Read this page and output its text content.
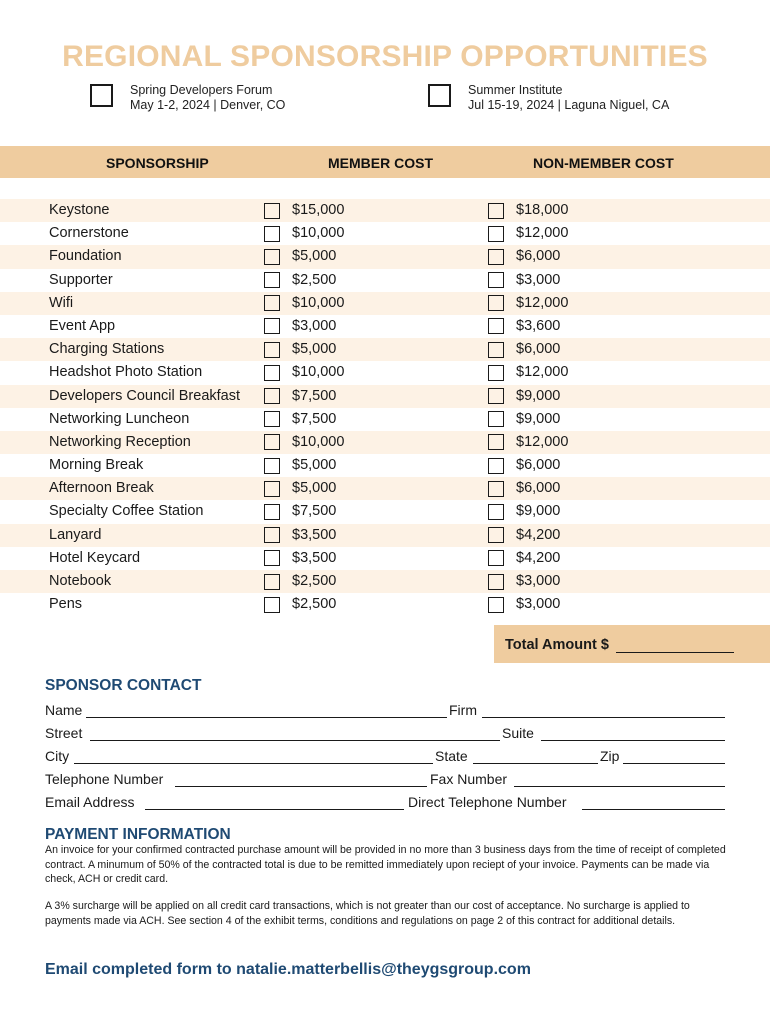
REGIONAL SPONSORSHIP OPPORTUNITIES
Spring Developers Forum
May 1-2, 2024 | Denver, CO
Summer Institute
Jul 15-19, 2024 | Laguna Niguel, CA
SPONSORSHIP	MEMBER COST	NON-MEMBER COST
Keystone	$15,000	$18,000
Cornerstone	$10,000	$12,000
Foundation	$5,000	$6,000
Supporter	$2,500	$3,000
Wifi	$10,000	$12,000
Event App	$3,000	$3,600
Charging Stations	$5,000	$6,000
Headshot Photo Station	$10,000	$12,000
Developers Council Breakfast	$7,500	$9,000
Networking Luncheon	$7,500	$9,000
Networking Reception	$10,000	$12,000
Morning Break	$5,000	$6,000
Afternoon Break	$5,000	$6,000
Specialty Coffee Station	$7,500	$9,000
Lanyard	$3,500	$4,200
Hotel Keycard	$3,500	$4,200
Notebook	$2,500	$3,000
Pens	$2,500	$3,000
Total Amount $
SPONSOR CONTACT
Name	Firm
Street	Suite
City	State	Zip
Telephone Number	Fax Number
Email Address	Direct Telephone Number
PAYMENT INFORMATION
An invoice for your confirmed contracted purchase amount will be provided in no more than 3 business days from the time of receipt of completed contract. A minumum of 50% of the contracted total is due to be remitted immediately upon reciept of your invoice. Payments can be made via check, ACH or credit card.
A 3% surcharge will be applied on all credit card transactions, which is not greater than our cost of acceptance. No surcharge is applied to payments made via ACH. See section 4 of the exhibit terms, conditions and regulations on page 2 of this contract for additional details.
Email completed form to natalie.matterbellis@theygsgroup.com
